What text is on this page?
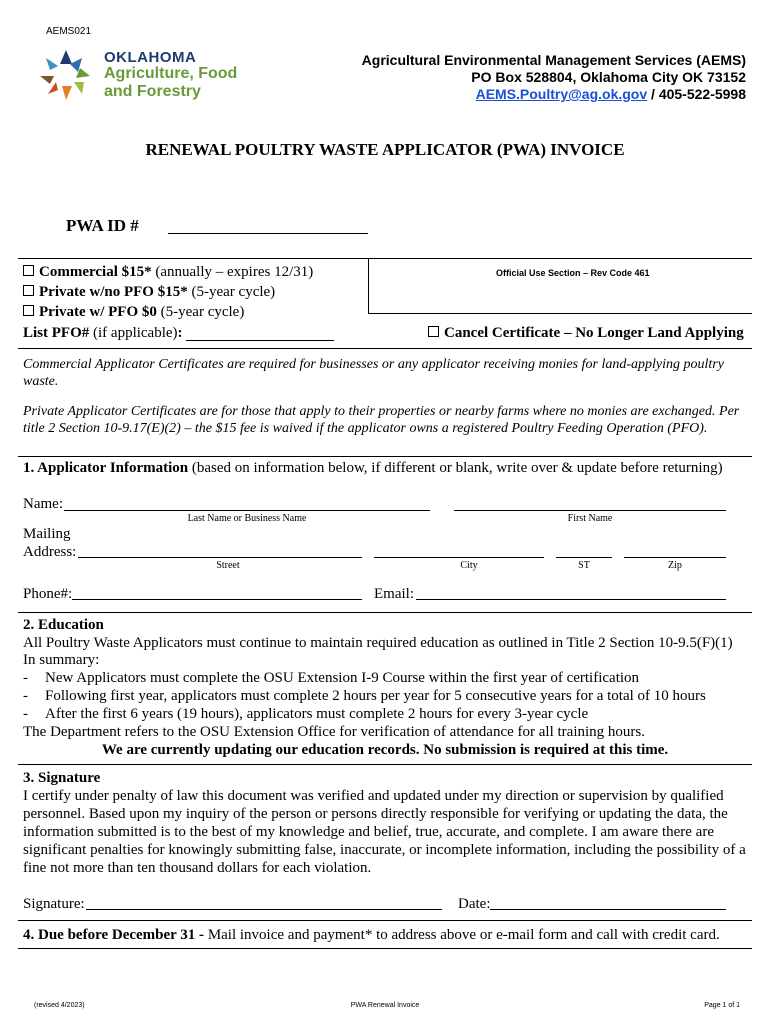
AEMS021
OKLAHOMA
Agriculture, Food
and Forestry
Agricultural Environmental Management Services (AEMS)
PO Box 528804, Oklahoma City OK 73152
AEMS.Poultry@ag.ok.gov / 405-522-5998
RENEWAL POULTRY WASTE APPLICATOR (PWA) INVOICE
PWA ID #
Commercial $15* (annually – expires 12/31)
Private w/no PFO $15* (5-year cycle)
Private w/ PFO $0 (5-year cycle)
List PFO# (if applicable):
Official Use Section – Rev Code 461
Cancel Certificate – No Longer Land Applying
Commercial Applicator Certificates are required for businesses or any applicator receiving monies for land-applying poultry waste.
Private Applicator Certificates are for those that apply to their properties or nearby farms where no monies are exchanged. Per title 2 Section 10-9.17(E)(2) – the $15 fee is waived if the applicator owns a registered Poultry Feeding Operation (PFO).
1. Applicator Information (based on information below, if different or blank, write over & update before returning)
Name:
Last Name or Business Name	First Name
Mailing
Address:
Street	City	ST	Zip
Phone#:	Email:
2. Education
All Poultry Waste Applicators must continue to maintain required education as outlined in Title 2 Section 10-9.5(F)(1)
In summary:
- New Applicators must complete the OSU Extension I-9 Course within the first year of certification
- Following first year, applicators must complete 2 hours per year for 5 consecutive years for a total of 10 hours
- After the first 6 years (19 hours), applicators must complete 2 hours for every 3-year cycle
The Department refers to the OSU Extension Office for verification of attendance for all training hours.
We are currently updating our education records. No submission is required at this time.
3. Signature
I certify under penalty of law this document was verified and updated under my direction or supervision by qualified personnel. Based upon my inquiry of the person or persons directly responsible for verifying or updating the data, the information submitted is to the best of my knowledge and belief, true, accurate, and complete. I am aware there are significant penalties for knowingly submitting false, inaccurate, or incomplete information, including the possibility of a fine not more than ten thousand dollars for each violation.
Signature:	Date:
4. Due before December 31 - Mail invoice and payment* to address above or e-mail form and call with credit card.
(revised 4/2023)	PWA Renewal Invoice	Page 1 of 1
